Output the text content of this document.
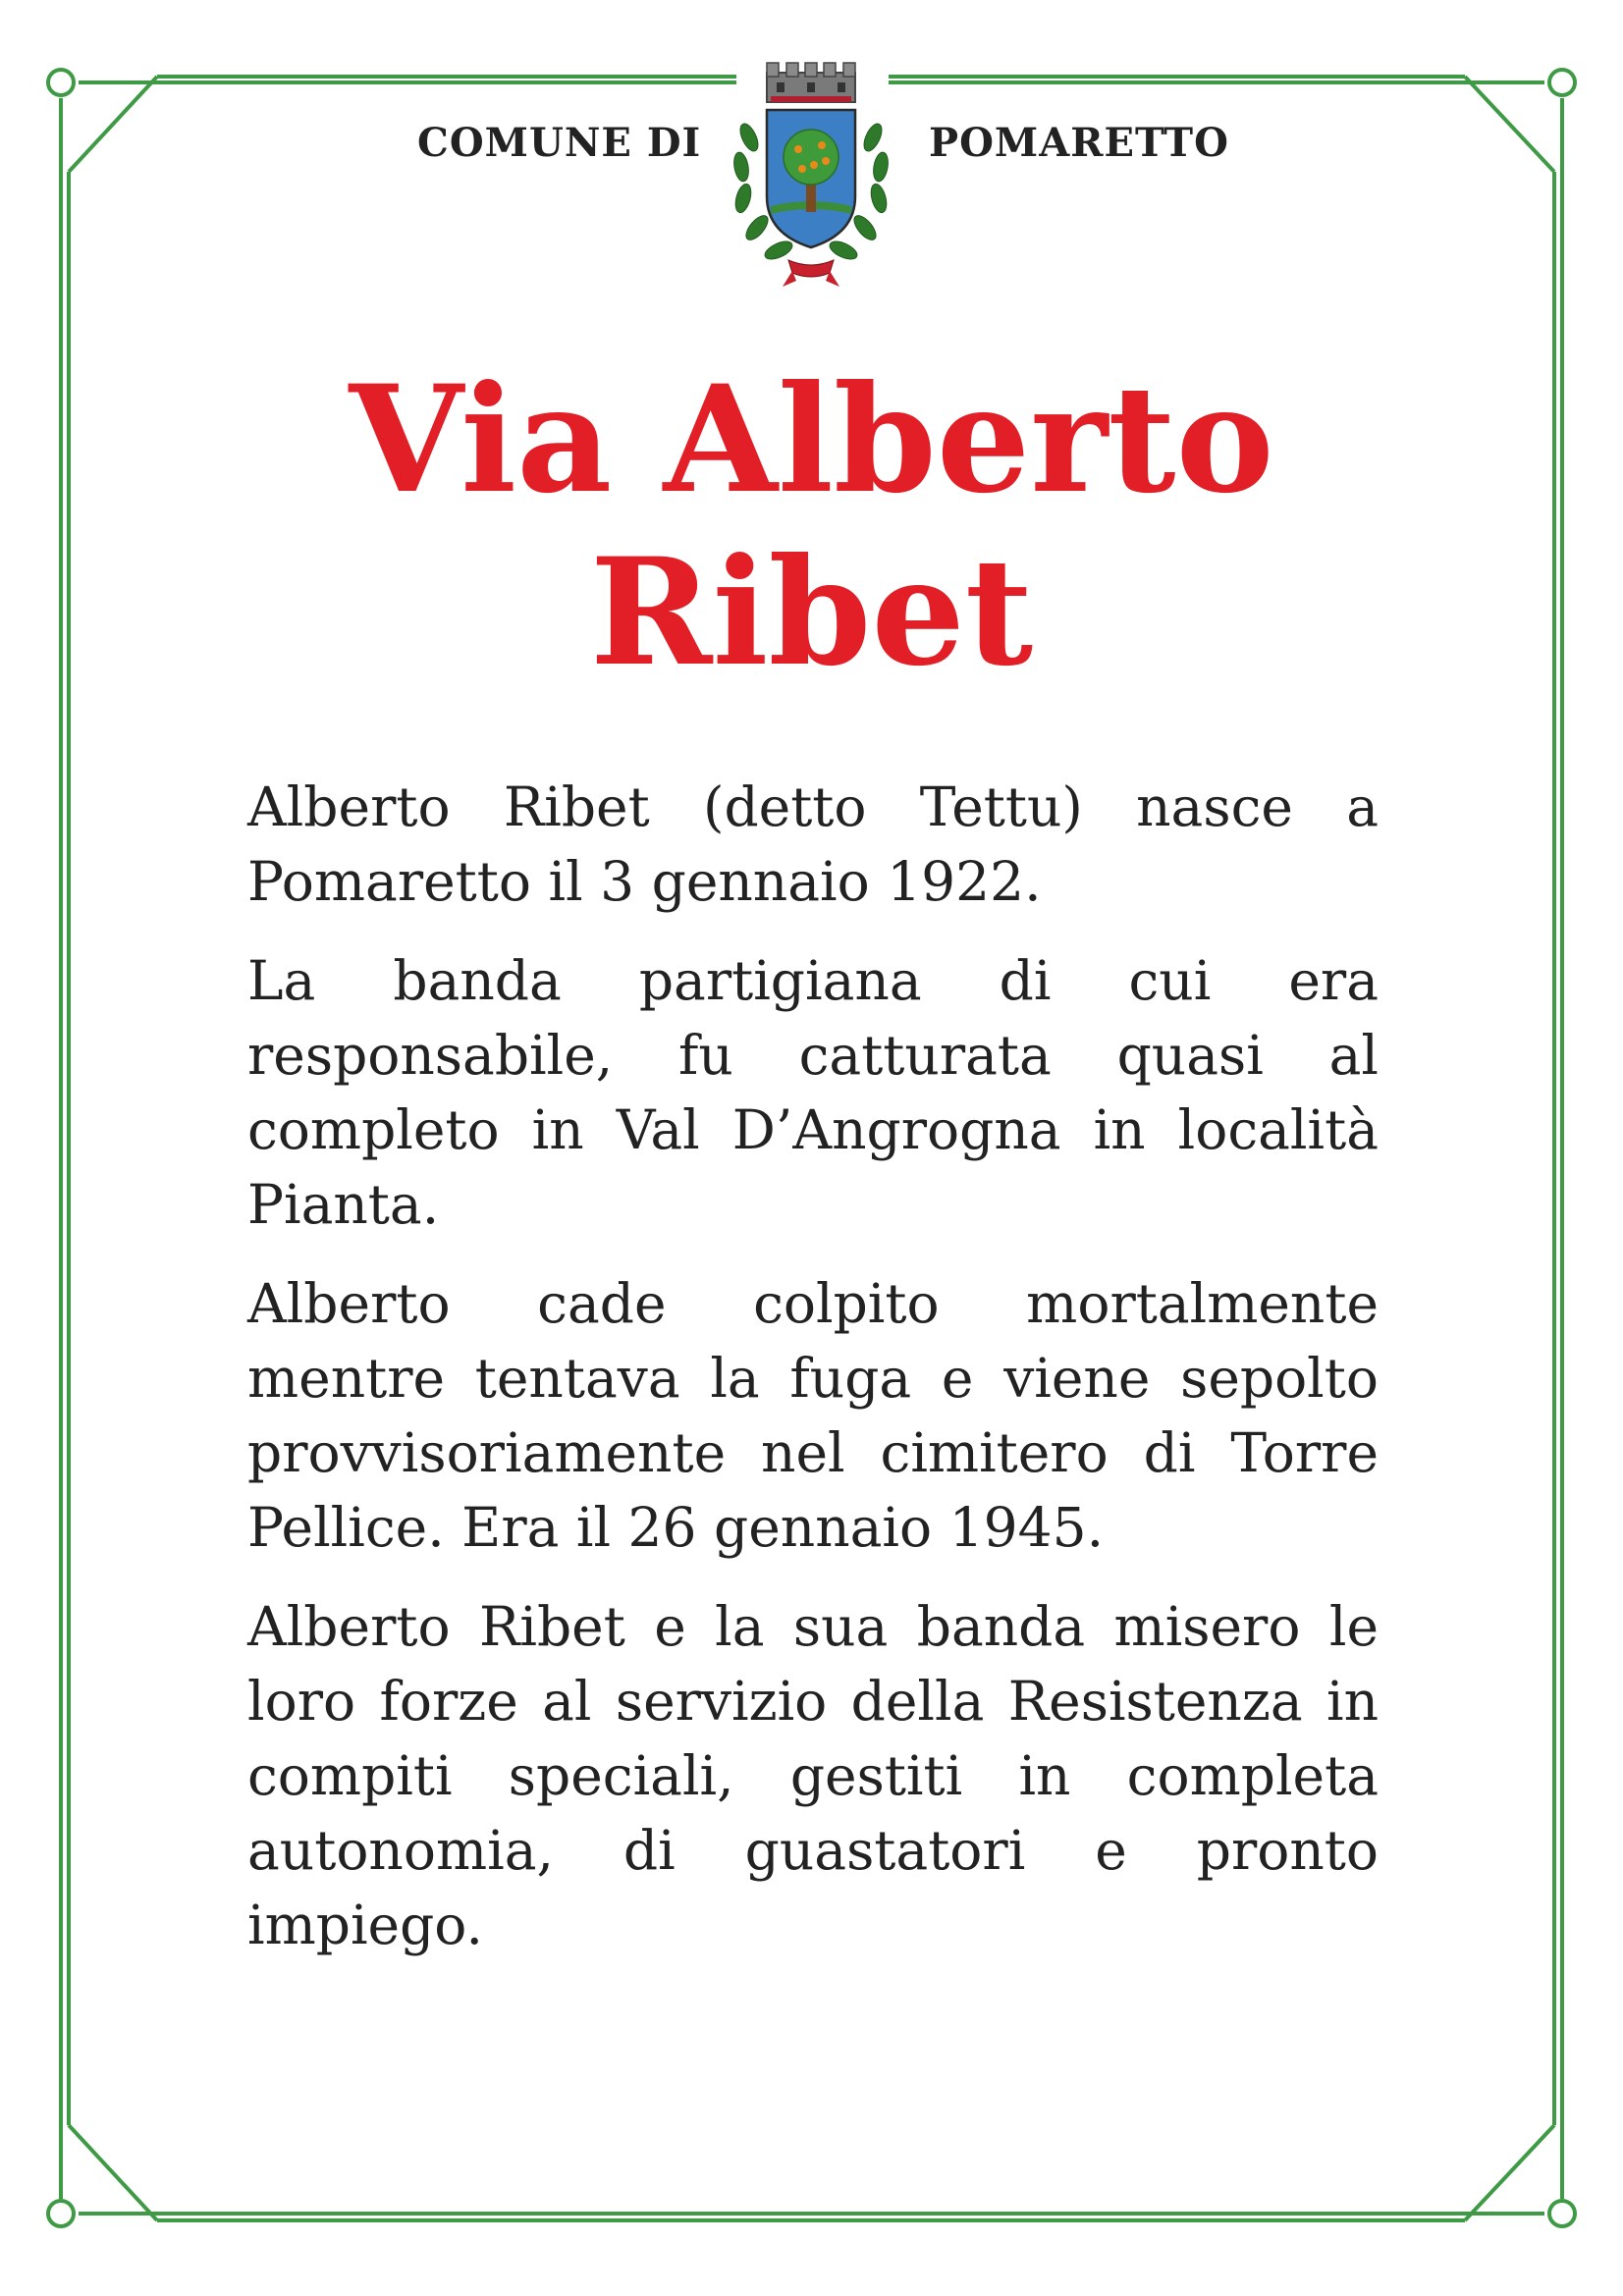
COMUNE DI	POMARETTO
Via Alberto
Ribet

Alberto Ribet (detto Tettu) nasce a Pomaretto il 3 gennaio 1922.

La banda partigiana di cui era responsabile, fu catturata quasi al completo in Val D’Angrogna in località Pianta.

Alberto cade colpito mortalmente mentre tentava la fuga e viene sepolto provvisoriamente nel cimitero di Torre Pellice. Era il 26 gennaio 1945.

Alberto Ribet e la sua banda misero le loro forze al servizio della Resistenza in compiti speciali, gestiti in completa autonomia, di guastatori e pronto impiego.
